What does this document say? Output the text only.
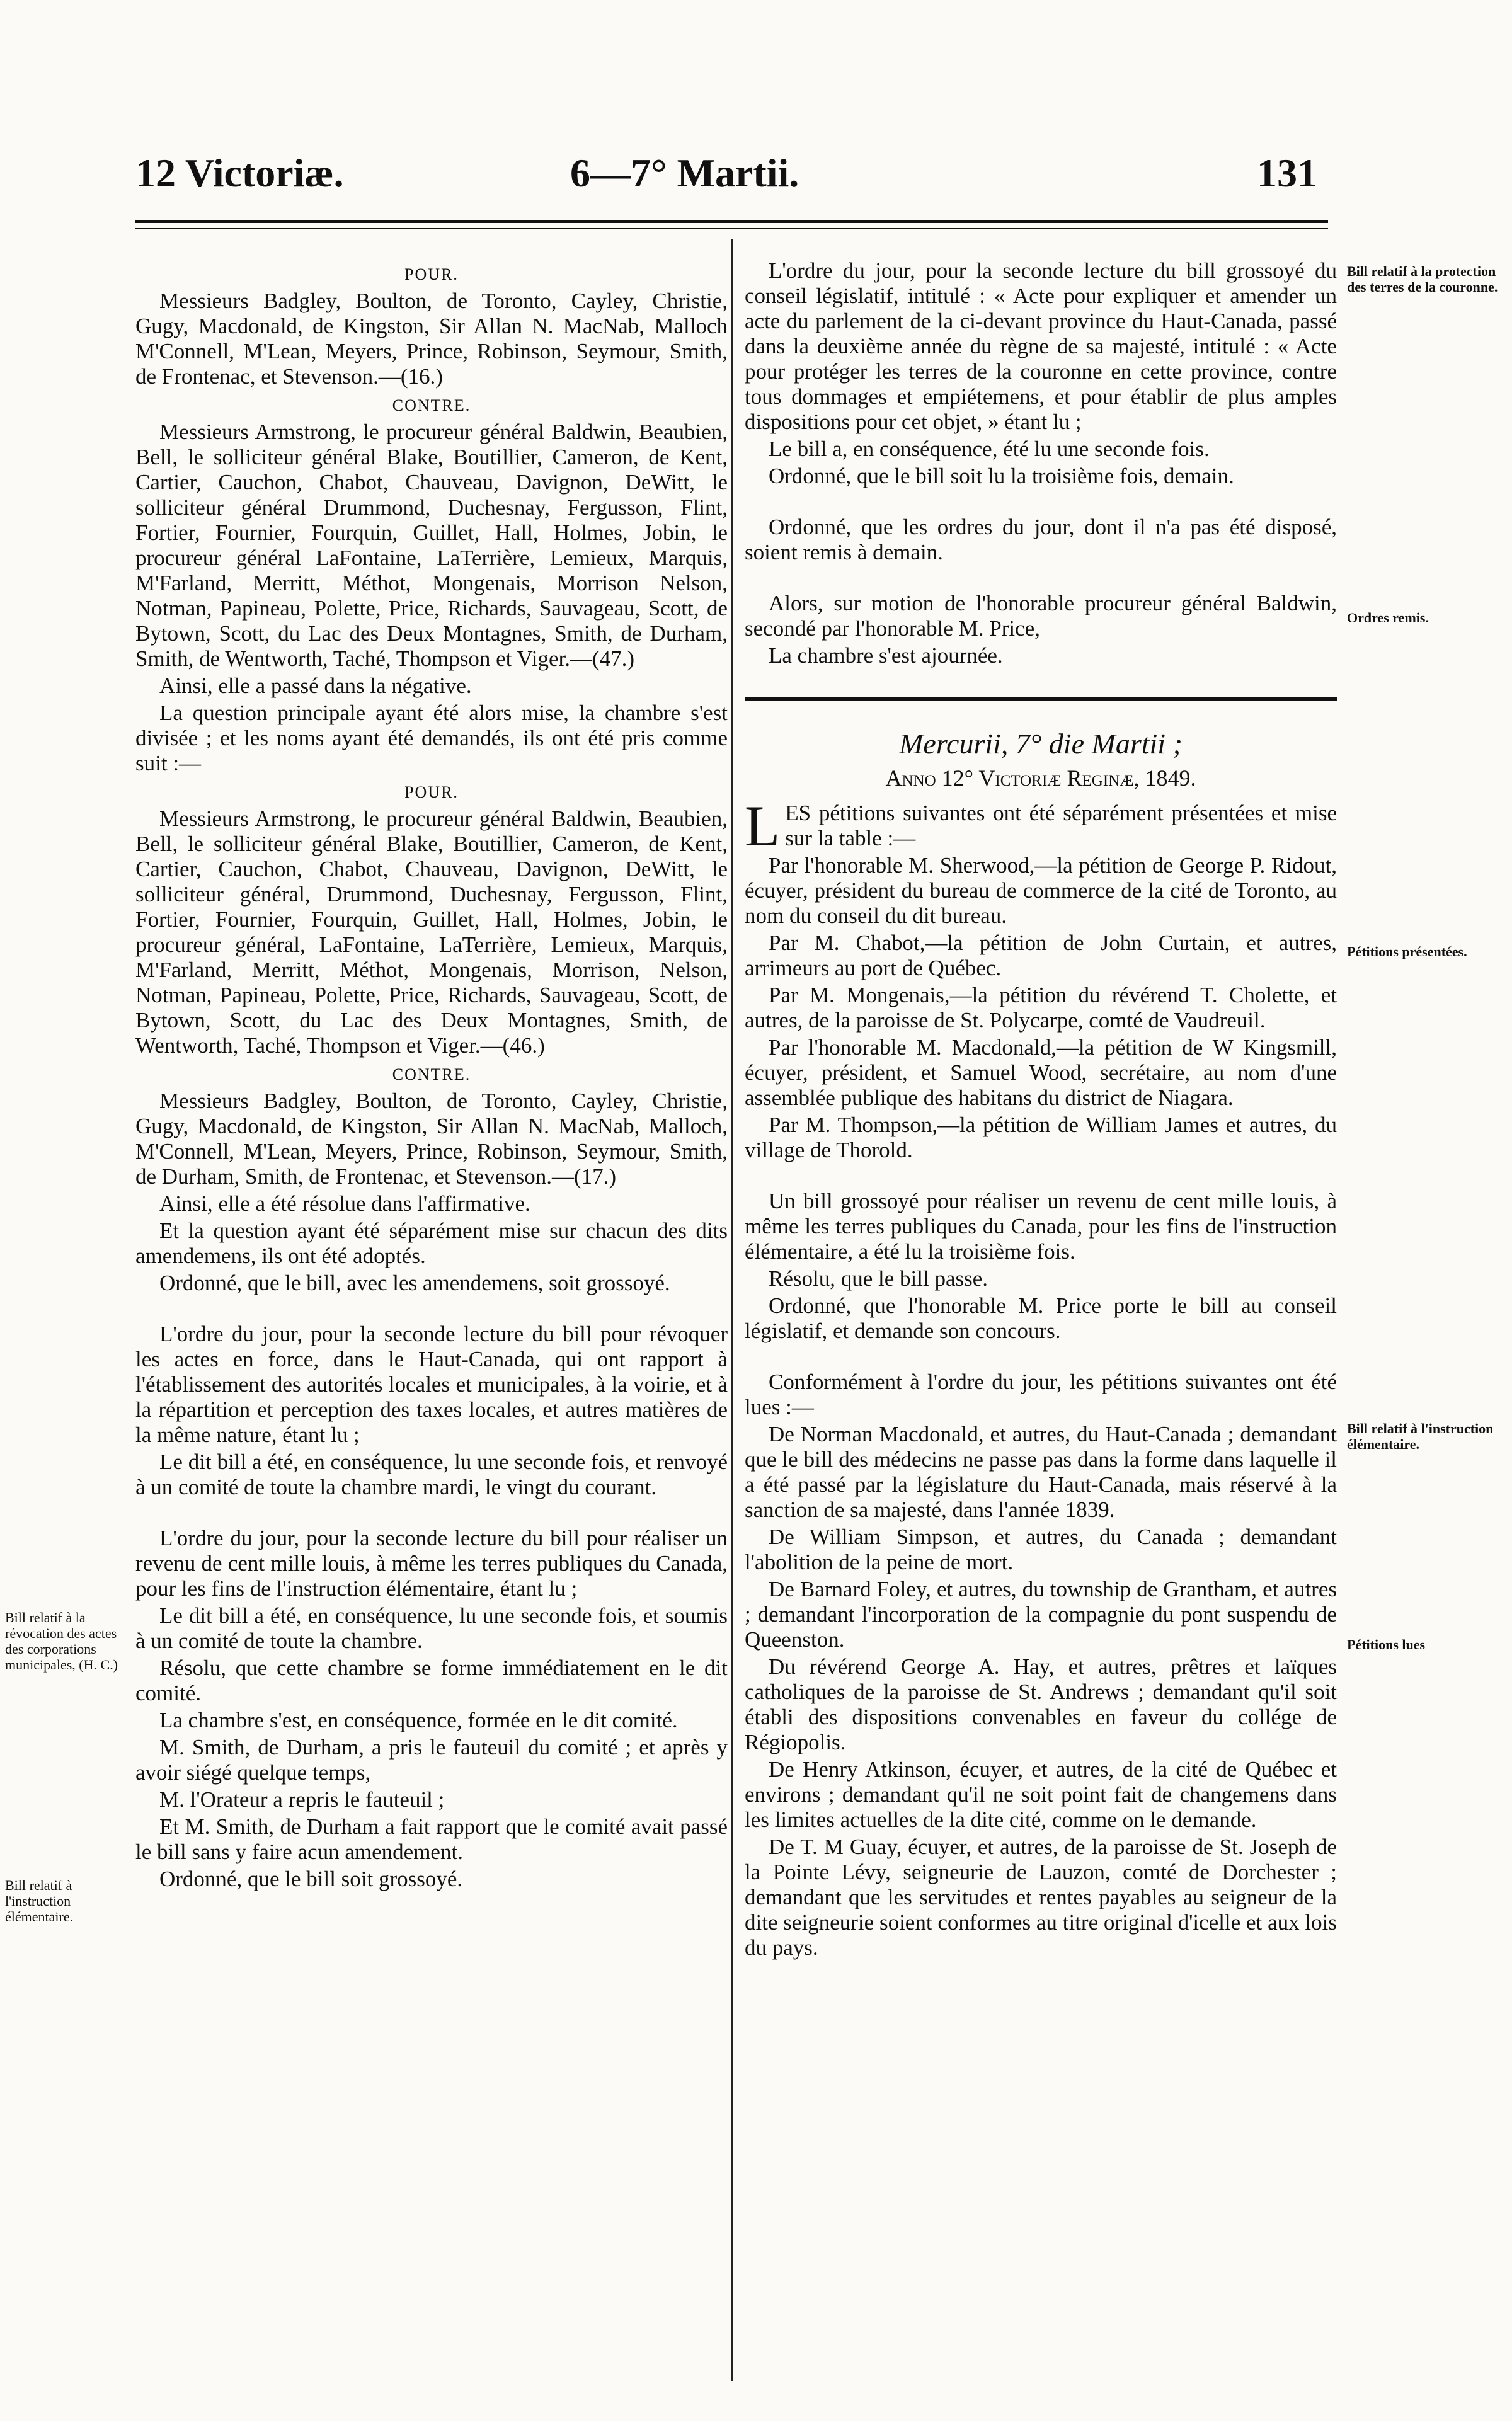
12 Victoriæ.	6—7° Martii.	131
POUR.

Messieurs Badgley, Boulton, de Toronto, Cayley, Christie, Gugy, Macdonald, de Kingston, Sir Allan N. MacNab, Malloch M'Connell, M'Lean, Meyers, Prince, Robinson, Seymour, Smith, de Frontenac, et Stevenson.—(16.)

CONTRE.

Messieurs Armstrong, le procureur général Baldwin, Beaubien, Bell, le solliciteur général Blake, Boutillier, Cameron, de Kent, Cartier, Cauchon, Chabot, Chauveau, Davignon, DeWitt, le solliciteur général Drummond, Duchesnay, Fergusson, Flint, Fortier, Fournier, Fourquin, Guillet, Hall, Holmes, Jobin, le procureur général LaFontaine, LaTerrière, Lemieux, Marquis, M'Farland, Merritt, Méthot, Mongenais, Morrison Nelson, Notman, Papineau, Polette, Price, Richards, Sauvageau, Scott, de Bytown, Scott, du Lac des Deux Montagnes, Smith, de Durham, Smith, de Wentworth, Taché, Thompson et Viger.—(47.)

Ainsi, elle a passé dans la négative.

La question principale ayant été alors mise, la chambre s'est divisée ; et les noms ayant été demandés, ils ont été pris comme suit :—

POUR.

Messieurs Armstrong, le procureur général Baldwin, Beaubien, Bell, le solliciteur général Blake, Boutillier, Cameron, de Kent, Cartier, Cauchon, Chabot, Chauveau, Davignon, DeWitt, le solliciteur général, Drummond, Duchesnay, Fergusson, Flint, Fortier, Fournier, Fourquin, Guillet, Hall, Holmes, Jobin, le procureur général, LaFontaine, LaTerrière, Lemieux, Marquis, M'Farland, Merritt, Méthot, Mongenais, Morrison, Nelson, Notman, Papineau, Polette, Price, Richards, Sauvageau, Scott, de Bytown, Scott, du Lac des Deux Montagnes, Smith, de Wentworth, Taché, Thompson et Viger.—(46.)

CONTRE.

Messieurs Badgley, Boulton, de Toronto, Cayley, Christie, Gugy, Macdonald, de Kingston, Sir Allan N. MacNab, Malloch, M'Connell, M'Lean, Meyers, Prince, Robinson, Seymour, Smith, de Durham, Smith, de Frontenac, et Stevenson.—(17.)

Ainsi, elle a été résolue dans l'affirmative.

Et la question ayant été séparément mise sur chacun des dits amendemens, ils ont été adoptés.

Ordonné, que le bill, avec les amendemens, soit grossoyé.

L'ordre du jour, pour la seconde lecture du bill pour révoquer les actes en force, dans le Haut-Canada, qui ont rapport à l'établissement des autorités locales et municipales, à la voirie, et à la répartition et perception des taxes locales, et autres matières de la même nature, étant lu ;

Le dit bill a été, en conséquence, lu une seconde fois, et renvoyé à un comité de toute la chambre mardi, le vingt du courant.

L'ordre du jour, pour la seconde lecture du bill pour réaliser un revenu de cent mille louis, à même les terres publiques du Canada, pour les fins de l'instruction élémentaire, étant lu ;

Le dit bill a été, en conséquence, lu une seconde fois, et soumis à un comité de toute la chambre.

Résolu, que cette chambre se forme immédiatement en le dit comité.

La chambre s'est, en conséquence, formée en le dit comité.

M. Smith, de Durham, a pris le fauteuil du comité ; et après y avoir siégé quelque temps,

M. l'Orateur a repris le fauteuil ;

Et M. Smith, de Durham a fait rapport que le comité avait passé le bill sans y faire acun amendement.

Ordonné, que le bill soit grossoyé.

L'ordre du jour, pour la seconde lecture du bill grossoyé du conseil législatif, intitulé : « Acte pour expliquer et amender un acte du parlement de la ci-devant province du Haut-Canada, passé dans la deuxième année du règne de sa majesté, intitulé : « Acte pour protéger les terres de la couronne en cette province, contre tous dommages et empiétemens, et pour établir de plus amples dispositions pour cet objet, » étant lu ;

Le bill a, en conséquence, été lu une seconde fois.

Ordonné, que le bill soit lu la troisième fois, demain.

Ordonné, que les ordres du jour, dont il n'a pas été disposé, soient remis à demain.

Alors, sur motion de l'honorable procureur général Baldwin, secondé par l'honorable M. Price,

La chambre s'est ajournée.

Mercurii, 7° die Martii ;
Anno 12° Victoriæ Reginæ, 1849.
L ES pétitions suivantes ont été séparément présentées et mise sur la table :—

Par l'honorable M. Sherwood,—la pétition de George P. Ridout, écuyer, président du bureau de commerce de la cité de Toronto, au nom du conseil du dit bureau.

Par M. Chabot,—la pétition de John Curtain, et autres, arrimeurs au port de Québec.

Par M. Mongenais,—la pétition du révérend T. Cholette, et autres, de la paroisse de St. Polycarpe, comté de Vaudreuil.

Par l'honorable M. Macdonald,—la pétition de W Kingsmill, écuyer, président, et Samuel Wood, secrétaire, au nom d'une assemblée publique des habitans du district de Niagara.

Par M. Thompson,—la pétition de William James et autres, du village de Thorold.

Un bill grossoyé pour réaliser un revenu de cent mille louis, à même les terres publiques du Canada, pour les fins de l'instruction élémentaire, a été lu la troisième fois.

Résolu, que le bill passe.

Ordonné, que l'honorable M. Price porte le bill au conseil législatif, et demande son concours.

Conformément à l'ordre du jour, les pétitions suivantes ont été lues :—

De Norman Macdonald, et autres, du Haut-Canada ; demandant que le bill des médecins ne passe pas dans la forme dans laquelle il a été passé par la législature du Haut-Canada, mais réservé à la sanction de sa majesté, dans l'année 1839.

De William Simpson, et autres, du Canada ; demandant l'abolition de la peine de mort.

De Barnard Foley, et autres, du township de Grantham, et autres ; demandant l'incorporation de la compagnie du pont suspendu de Queenston.

Du révérend George A. Hay, et autres, prêtres et laïques catholiques de la paroisse de St. Andrews ; demandant qu'il soit établi des dispositions convenables en faveur du collége de Régiopolis.

De Henry Atkinson, écuyer, et autres, de la cité de Québec et environs ; demandant qu'il ne soit point fait de changemens dans les limites actuelles de la dite cité, comme on le demande.

De T. M Guay, écuyer, et autres, de la paroisse de St. Joseph de la Pointe Lévy, seigneurie de Lauzon, comté de Dorchester ; demandant que les servitudes et rentes payables au seigneur de la dite seigneurie soient conformes au titre original d'icelle et aux lois du pays.

Bill relatif à la révocation des actes des corporations municipales, (H. C.)
Bill relatif à l'instruction élémentaire.
Bill relatif à la protection des terres de la couronne.
Ordres remis.
Pétitions présentées.
Bill relatif à l'instruction élémentaire.
Pétitions lues
